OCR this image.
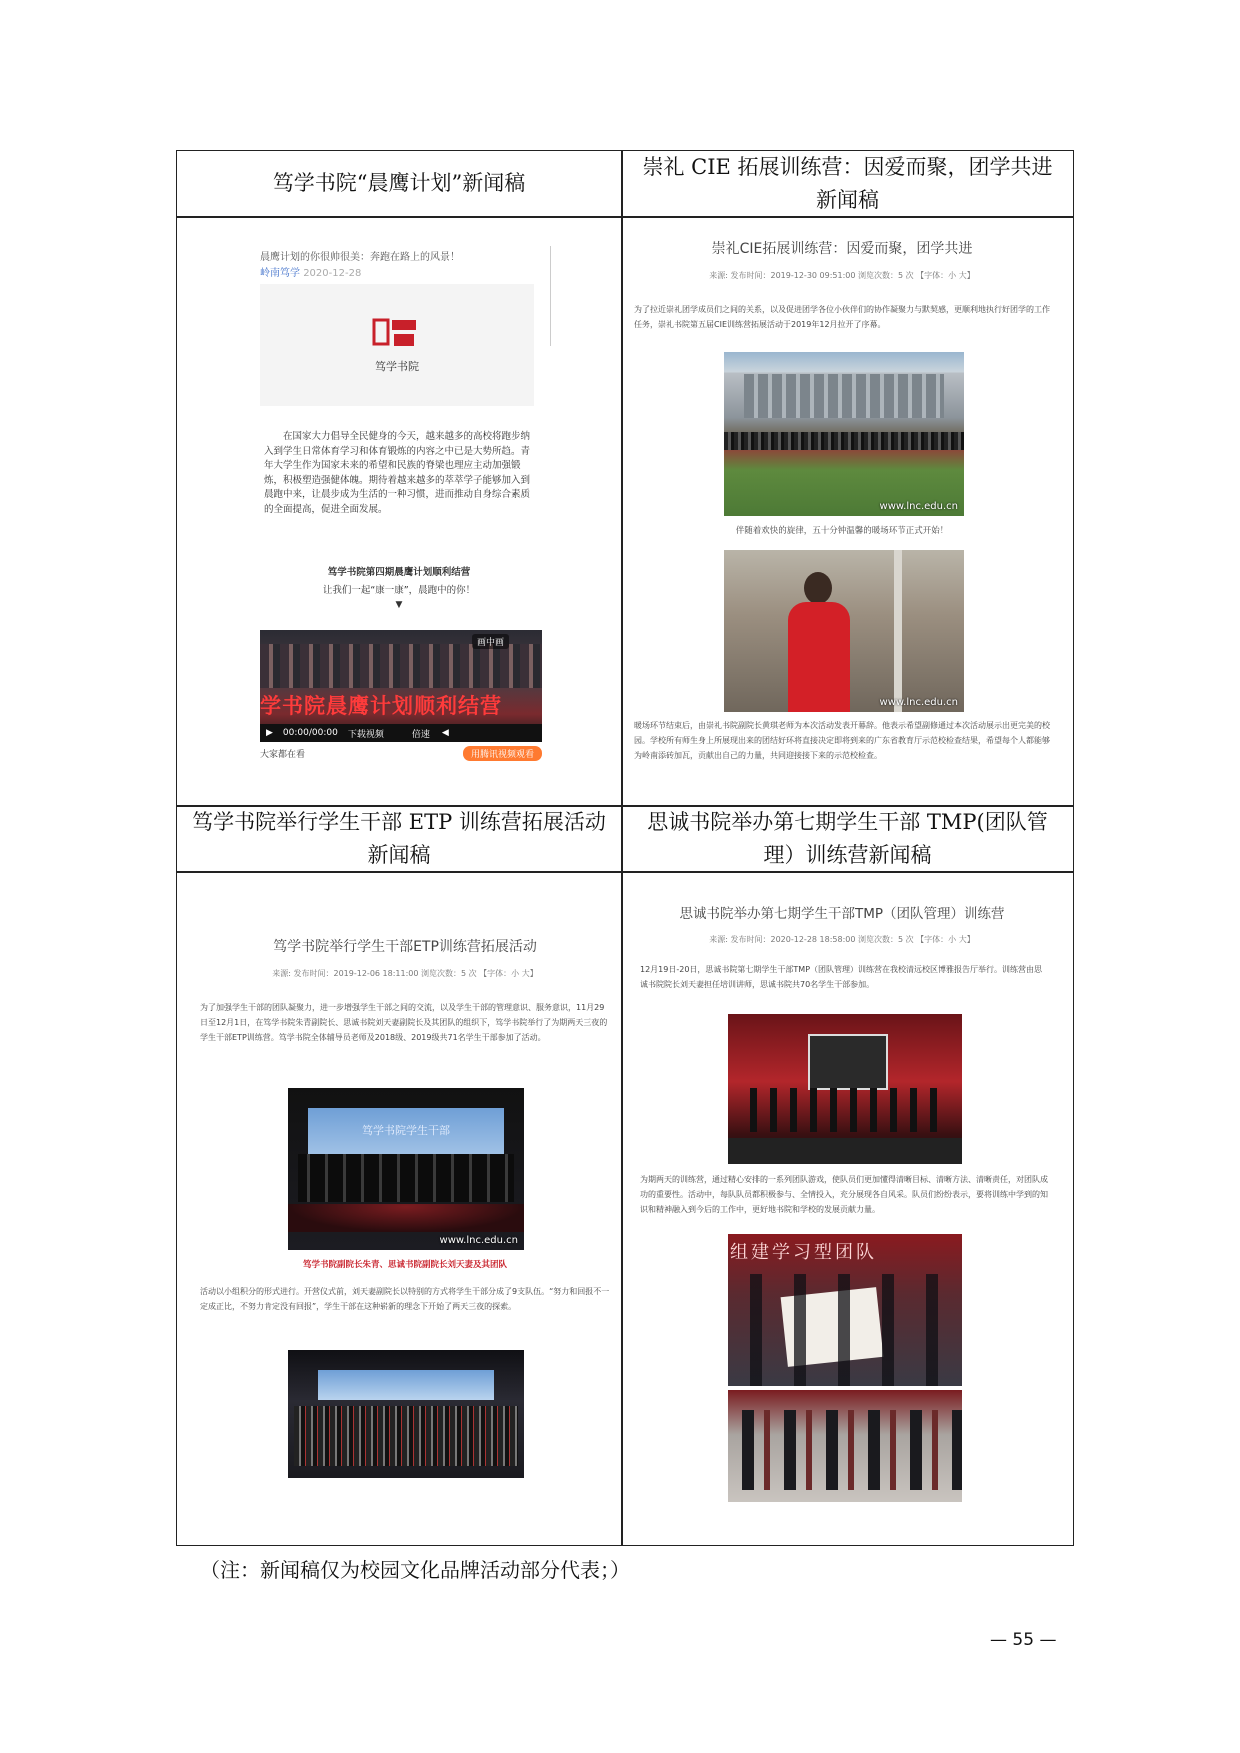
笃学书院“晨鹰计划”新闻稿
崇礼 CIE 拓展训练营：因爱而聚，团学共进新闻稿
笃学书院举行学生干部 ETP 训练营拓展活动新闻稿
思诚书院举办第七期学生干部 TMP(团队管理）训练营新闻稿
晨鹰计划的你很帅很美：奔跑在路上的风景！
岭南笃学 2020-12-28
笃学书院
在国家大力倡导全民健身的今天，越来越多的高校将跑步纳入到学生日常体育学习和体育锻炼的内容之中已是大势所趋。青年大学生作为国家未来的希望和民族的脊梁也理应主动加强锻炼，积极塑造强健体魄。期待着越来越多的萃萃学子能够加入到晨跑中来，让晨步成为生活的一种习惯，进而推动自身综合素质的全面提高，促进全面发展。
笃学书院第四期晨鹰计划顺利结营
让我们一起“康一康”，晨跑中的你！
▼
画中画
学书院晨鹰计划顺利结营
▶ 00:00/00:00 下载视频	倍速 ◀
大家都在看	用腾讯视频观看
崇礼CIE拓展训练营：因爱而聚，团学共进
来源: 发布时间：2019-12-30 09:51:00 浏览次数：5 次 【字体：小 大】
为了拉近崇礼团学成员们之间的关系，以及促进团学各位小伙伴们的协作凝聚力与默契感，更顺利地执行好团学的工作任务，崇礼书院第五届CIE训练营拓展活动于2019年12月拉开了序幕。
www.lnc.edu.cn
伴随着欢快的旋律，五十分钟温馨的暖场环节正式开始！
www.lnc.edu.cn
暖场环节结束后，由崇礼书院副院长黄琪老师为本次活动发表开幕辞。他表示希望副修通过本次活动展示出更完美的校园。学校所有师生身上所展现出来的团结好环将直接决定即将到来的广东省教育厅示范校检查结果，希望每个人都能够为岭南添砖加瓦，贡献出自己的力量，共同迎接接下来的示范校检查。
笃学书院举行学生干部ETP训练营拓展活动
来源: 发布时间：2019-12-06 18:11:00 浏览次数：5 次 【字体：小 大】
为了加强学生干部的团队凝聚力，进一步增强学生干部之间的交流，以及学生干部的管理意识、服务意识，11月29日至12月1日，在笃学书院朱青副院长、思诚书院刘天妻副院长及其团队的组织下，笃学书院举行了为期两天三夜的学生干部ETP训练营。笃学书院全体辅导员老师及2018级、2019级共71名学生干部参加了活动。
笃学书院学生干部
www.lnc.edu.cn
笃学书院副院长朱青、思诚书院副院长刘天妻及其团队
活动以小组积分的形式进行。开营仪式前，刘天妻副院长以特别的方式将学生干部分成了9支队伍。“努力和回报不一定成正比，不努力肯定没有回报”，学生干部在这种崭新的理念下开始了两天三夜的探索。
思诚书院举办第七期学生干部TMP（团队管理）训练营
来源: 发布时间：2020-12-28 18:58:00 浏览次数：5 次 【字体：小 大】
12月19日-20日，思诚书院第七期学生干部TMP（团队管理）训练营在我校清远校区博雅报告厅举行。训练营由思诚书院院长刘天妻担任培训讲师，思诚书院共70名学生干部参加。
为期两天的训练营，通过精心安排的一系列团队游戏，使队员们更加懂得清晰目标、清晰方法、清晰责任，对团队成功的重要性。活动中，每队队员都积极参与、全情投入，充分展现各自风采。队员们纷纷表示，要将训练中学到的知识和精神融入到今后的工作中，更好地书院和学校的发展贡献力量。
组建学习型团队
（注：新闻稿仅为校园文化品牌活动部分代表；）
— 55 —
